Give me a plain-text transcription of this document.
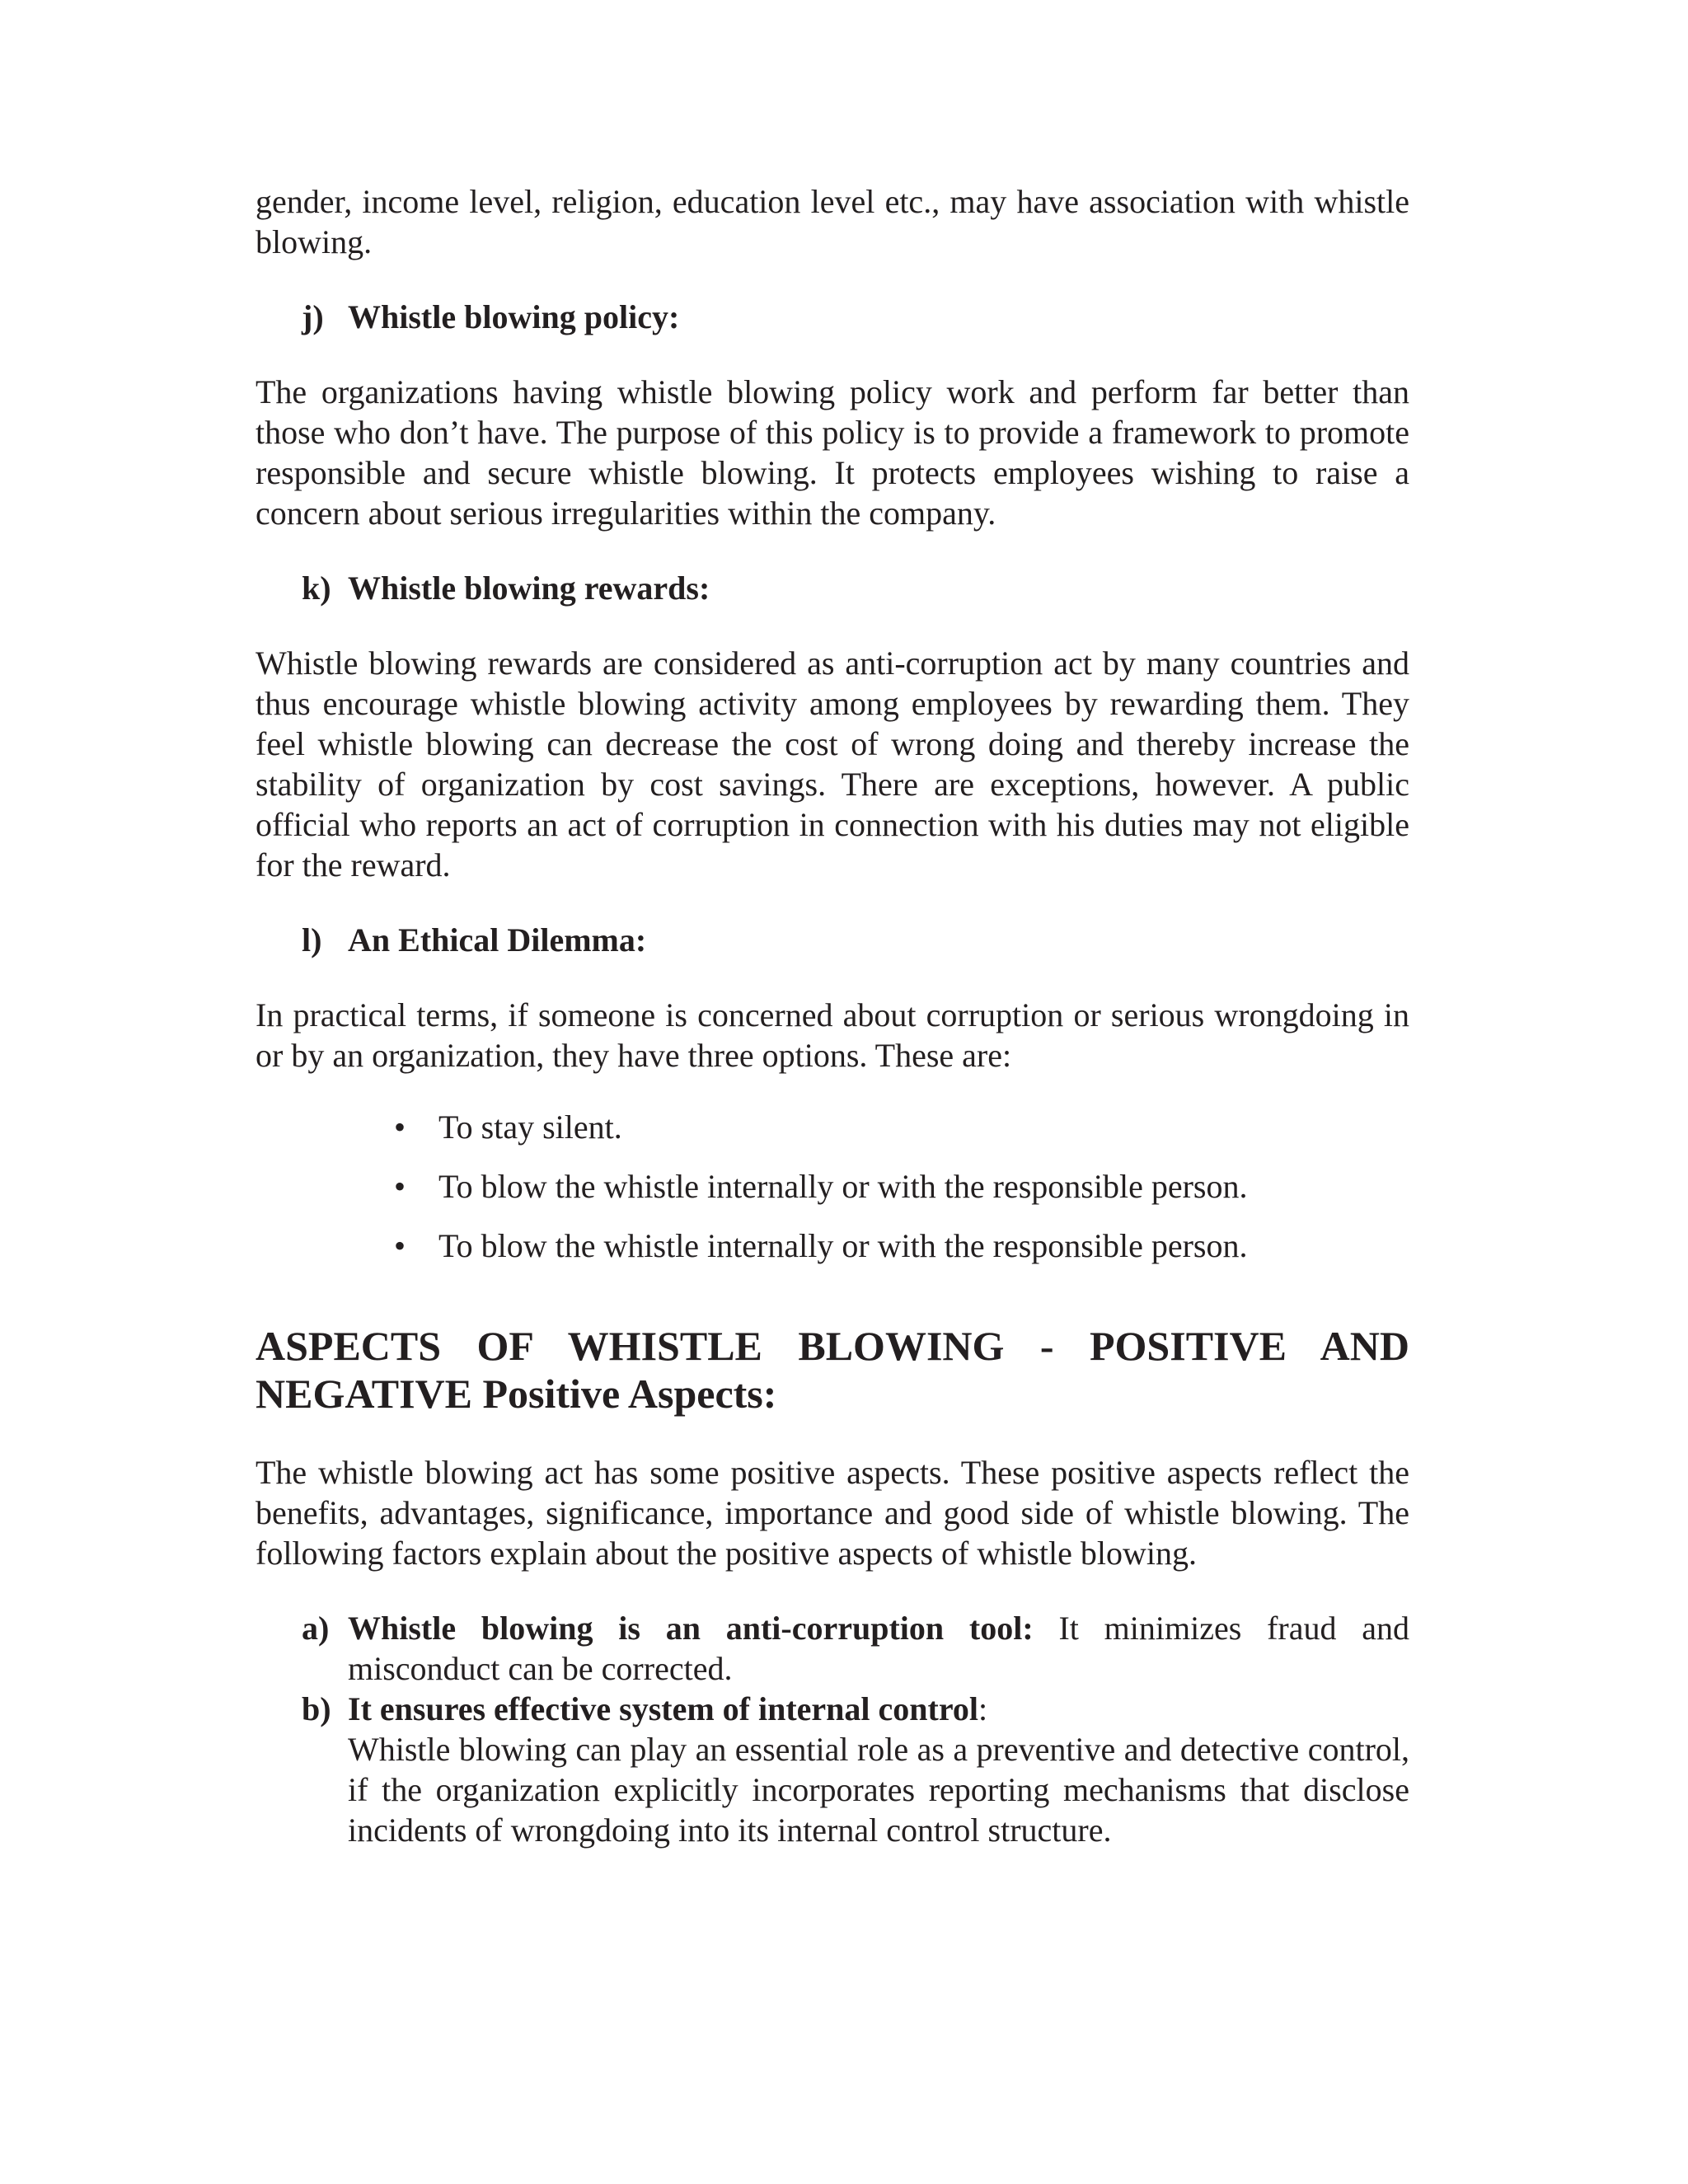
gender, income level, religion, education level etc., may have association with whistle blowing.

j) Whistle blowing policy:

The organizations having whistle blowing policy work and perform far better than those who don’t have. The purpose of this policy is to provide a framework to promote responsible and secure whistle blowing. It protects employees wishing to raise a concern about serious irregularities within the company.

k) Whistle blowing rewards:

Whistle blowing rewards are considered as anti-corruption act by many countries and thus encourage whistle blowing activity among employees by rewarding them. They feel whistle blowing can decrease the cost of wrong doing and thereby increase the stability of organization by cost savings. There are exceptions, however. A public official who reports an act of corruption in connection with his duties may not eligible for the reward.

l) An Ethical Dilemma:

In practical terms, if someone is concerned about corruption or serious wrongdoing in or by an organization, they have three options. These are:

• To stay silent.
• To blow the whistle internally or with the responsible person.
• To blow the whistle internally or with the responsible person.
ASPECTS OF WHISTLE BLOWING - POSITIVE AND
NEGATIVE Positive Aspects:

The whistle blowing act has some positive aspects. These positive aspects reflect the benefits, advantages, significance, importance and good side of whistle blowing. The following factors explain about the positive aspects of whistle blowing.

a) Whistle blowing is an anti-corruption tool: It minimizes fraud and misconduct can be corrected.
b) It ensures effective system of internal control:
Whistle blowing can play an essential role as a preventive and detective control, if the organization explicitly incorporates reporting mechanisms that disclose incidents of wrongdoing into its internal control structure.
